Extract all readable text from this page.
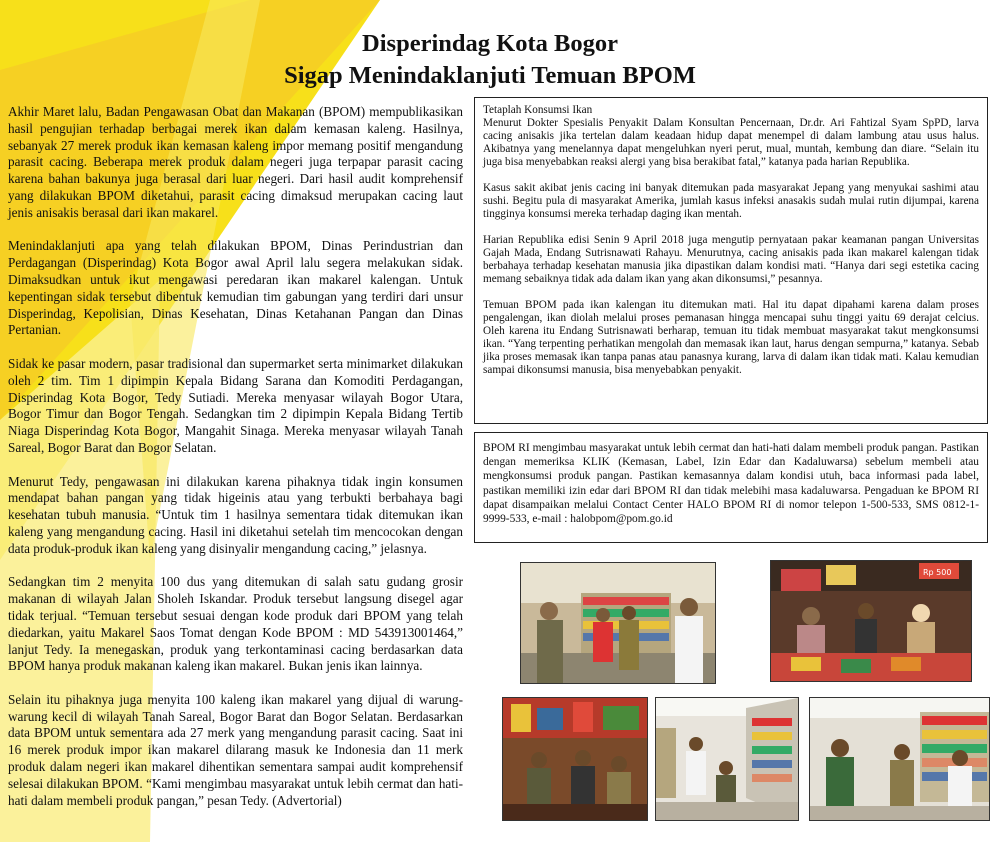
Disperindag Kota Bogor
Sigap Menindaklanjuti Temuan BPOM

Akhir Maret lalu, Badan Pengawasan Obat dan Makanan (BPOM) mempublikasikan hasil pengujian terhadap berbagai merek ikan dalam kemasan kaleng. Hasilnya, sebanyak 27 merek produk ikan kemasan kaleng impor memang positif mengandung parasit cacing. Beberapa merek produk dalam negeri juga terpapar parasit cacing karena bahan bakunya juga berasal dari luar negeri. Dari hasil audit komprehensif yang dilakukan BPOM diketahui, parasit cacing dimaksud merupakan cacing laut jenis anisakis berasal dari ikan makarel.

Menindaklanjuti apa yang telah dilakukan BPOM, Dinas Perindustrian dan Perdagangan (Disperindag) Kota Bogor awal April lalu segera melakukan sidak. Dimaksudkan untuk ikut mengawasi peredaran ikan makarel kalengan. Untuk kepentingan sidak tersebut dibentuk kemudian tim gabungan yang terdiri dari unsur Disperindag, Kepolisian, Dinas Kesehatan, Dinas Ketahanan Pangan dan Dinas Pertanian.

Sidak ke pasar modern, pasar tradisional dan supermarket serta minimarket dilakukan oleh 2 tim. Tim 1 dipimpin Kepala Bidang Sarana dan Komoditi Perdagangan, Disperindag Kota Bogor, Tedy Sutiadi. Mereka menyasar wilayah Bogor Utara, Bogor Timur dan Bogor Tengah. Sedangkan tim 2 dipimpin Kepala Bidang Tertib Niaga Disperindag Kota Bogor, Mangahit Sinaga. Mereka menyasar wilayah Tanah Sareal, Bogor Barat dan Bogor Selatan.

Menurut Tedy, pengawasan ini dilakukan karena pihaknya tidak ingin konsumen mendapat bahan pangan yang tidak higeinis atau yang terbukti berbahaya bagi kesehatan tubuh manusia. “Untuk tim 1 hasilnya sementara tidak ditemukan ikan kaleng yang mengandung cacing. Hasil ini diketahui setelah tim mencocokan dengan data produk-produk ikan kaleng yang disinyalir mengandung cacing,” jelasnya.

Sedangkan tim 2 menyita 100 dus yang ditemukan di salah satu gudang grosir makanan di wilayah Jalan Sholeh Iskandar. Produk tersebut langsung disegel agar tidak terjual. “Temuan tersebut sesuai dengan kode produk dari BPOM yang telah diedarkan, yaitu Makarel Saos Tomat dengan Kode BPOM : MD 543913001464,” lanjut Tedy. Ia menegaskan, produk yang terkontaminasi cacing berdasarkan data BPOM hanya produk makanan kaleng ikan makarel. Bukan jenis ikan lainnya.

Selain itu pihaknya juga menyita 100 kaleng ikan makarel yang dijual di warung-warung kecil di wilayah Tanah Sareal, Bogor Barat dan Bogor Selatan. Berdasarkan data BPOM untuk sementara ada 27 merk yang mengandung parasit cacing. Saat ini 16 merek produk impor ikan makarel dilarang masuk ke Indonesia dan 11 merk produk dalam negeri ikan makarel dihentikan sementara sampai audit komprehensif selesai dilakukan BPOM. “Kami mengimbau masyarakat untuk lebih cermat dan hati-hati dalam membeli produk pangan,” pesan Tedy. (Advertorial)

Tetaplah Konsumsi Ikan

Menurut Dokter Spesialis Penyakit Dalam Konsultan Pencernaan, Dr.dr. Ari Fahtizal Syam SpPD, larva cacing anisakis jika tertelan dalam keadaan hidup dapat menempel di dalam lambung atau usus halus. Akibatnya yang menelannya dapat mengeluhkan nyeri perut, mual, muntah, kembung dan diare. “Selain itu juga bisa menyebabkan reaksi alergi yang bisa berakibat fatal,” katanya pada harian Republika.

Kasus sakit akibat jenis cacing ini banyak ditemukan pada masyarakat Jepang yang menyukai sashimi atau sushi. Begitu pula di masyarakat Amerika, jumlah kasus infeksi anasakis sudah mulai rutin dijumpai, karena tingginya konsumsi mereka terhadap daging ikan mentah.

Harian Republika edisi Senin 9 April 2018 juga mengutip pernyataan pakar keamanan pangan Universitas Gajah Mada, Endang Sutrisnawati Rahayu. Menurutnya, cacing anisakis pada ikan makarel kalengan tidak berbahaya terhadap kesehatan manusia jika dipastikan dalam kondisi mati. “Hanya dari segi estetika cacing memang sebaiknya tidak ada dalam ikan yang akan dikonsumsi,” pesannya.

Temuan BPOM pada ikan kalengan itu ditemukan mati. Hal itu dapat dipahami karena dalam proses pengalengan, ikan diolah melalui proses pemanasan hingga mencapai suhu tinggi yaitu 69 derajat celcius. Oleh karena itu Endang Sutrisnawati berharap, temuan itu tidak membuat masyarakat takut mengkonsumsi ikan. “Yang terpenting perhatikan mengolah dan memasak ikan laut, harus dengan sempurna,” katanya. Sebab jika proses memasak ikan tanpa panas atau panasnya kurang, larva di dalam ikan tidak mati. Kalau kemudian sampai dikonsumsi manusia, bisa menyebabkan penyakit.

BPOM RI mengimbau masyarakat untuk lebih cermat dan hati-hati dalam membeli produk pangan. Pastikan dengan memeriksa KLIK (Kemasan, Label, Izin Edar dan Kadaluwarsa) sebelum membeli atau mengkonsumsi produk pangan. Pastikan kemasannya dalam kondisi utuh, baca informasi pada label, pastikan memiliki izin edar dari BPOM RI dan tidak melebihi masa kadaluwarsa. Pengaduan ke BPOM RI dapat disampaikan melalui Contact Center HALO BPOM RI di nomor telepon 1-500-533, SMS 0812-1-9999-533, e-mail : halobpom@pom.go.id

Rp 500
